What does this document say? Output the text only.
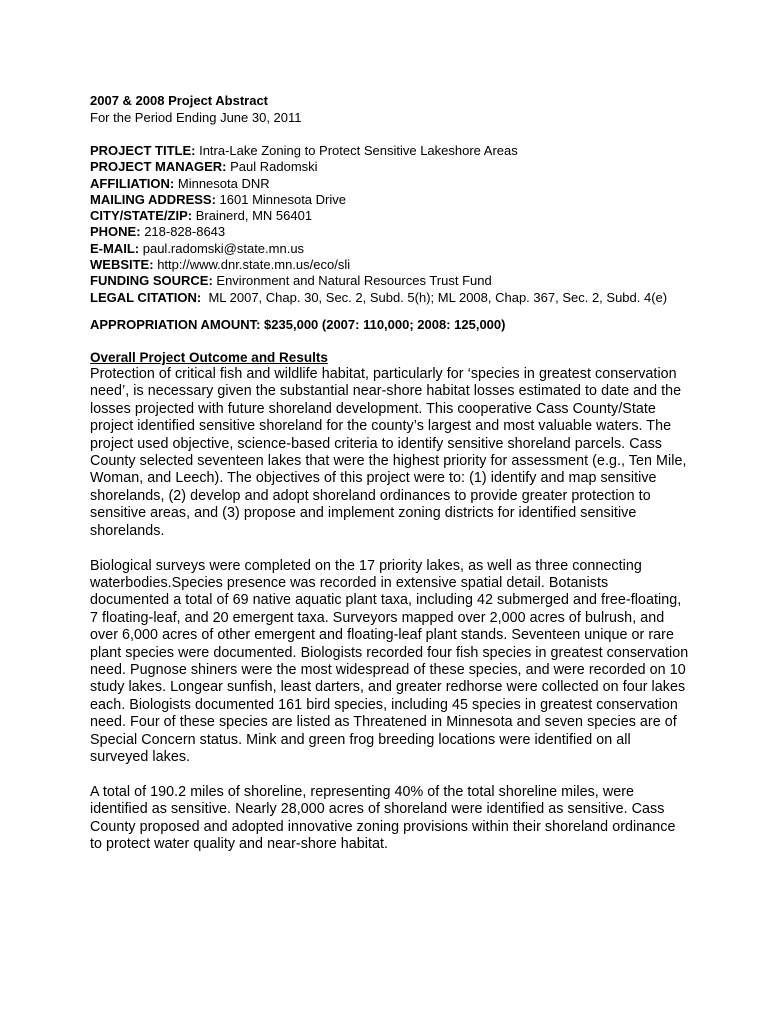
2007 & 2008 Project Abstract
For the Period Ending June 30, 2011
PROJECT TITLE: Intra-Lake Zoning to Protect Sensitive Lakeshore Areas
PROJECT MANAGER: Paul Radomski
AFFILIATION: Minnesota DNR
MAILING ADDRESS: 1601 Minnesota Drive
CITY/STATE/ZIP: Brainerd, MN 56401
PHONE: 218-828-8643
E-MAIL: paul.radomski@state.mn.us
WEBSITE: http://www.dnr.state.mn.us/eco/sli
FUNDING SOURCE: Environment and Natural Resources Trust Fund
LEGAL CITATION: ML 2007, Chap. 30, Sec. 2, Subd. 5(h); ML 2008, Chap. 367, Sec. 2, Subd. 4(e)
APPROPRIATION AMOUNT: $235,000 (2007: 110,000; 2008: 125,000)
Overall Project Outcome and Results

Protection of critical fish and wildlife habitat, particularly for ‘species in greatest conservation need’, is necessary given the substantial near-shore habitat losses estimated to date and the losses projected with future shoreland development. This cooperative Cass County/State project identified sensitive shoreland for the county’s largest and most valuable waters. The project used objective, science-based criteria to identify sensitive shoreland parcels. Cass County selected seventeen lakes that were the highest priority for assessment (e.g., Ten Mile, Woman, and Leech). The objectives of this project were to: (1) identify and map sensitive shorelands, (2) develop and adopt shoreland ordinances to provide greater protection to sensitive areas, and (3) propose and implement zoning districts for identified sensitive shorelands.

Biological surveys were completed on the 17 priority lakes, as well as three connecting waterbodies.Species presence was recorded in extensive spatial detail. Botanists documented a total of 69 native aquatic plant taxa, including 42 submerged and free-floating, 7 floating-leaf, and 20 emergent taxa. Surveyors mapped over 2,000 acres of bulrush, and over 6,000 acres of other emergent and floating-leaf plant stands. Seventeen unique or rare plant species were documented. Biologists recorded four fish species in greatest conservation need. Pugnose shiners were the most widespread of these species, and were recorded on 10 study lakes. Longear sunfish, least darters, and greater redhorse were collected on four lakes each. Biologists documented 161 bird species, including 45 species in greatest conservation need. Four of these species are listed as Threatened in Minnesota and seven species are of Special Concern status. Mink and green frog breeding locations were identified on all surveyed lakes.

A total of 190.2 miles of shoreline, representing 40% of the total shoreline miles, were identified as sensitive. Nearly 28,000 acres of shoreland were identified as sensitive. Cass County proposed and adopted innovative zoning provisions within their shoreland ordinance to protect water quality and near-shore habitat.
